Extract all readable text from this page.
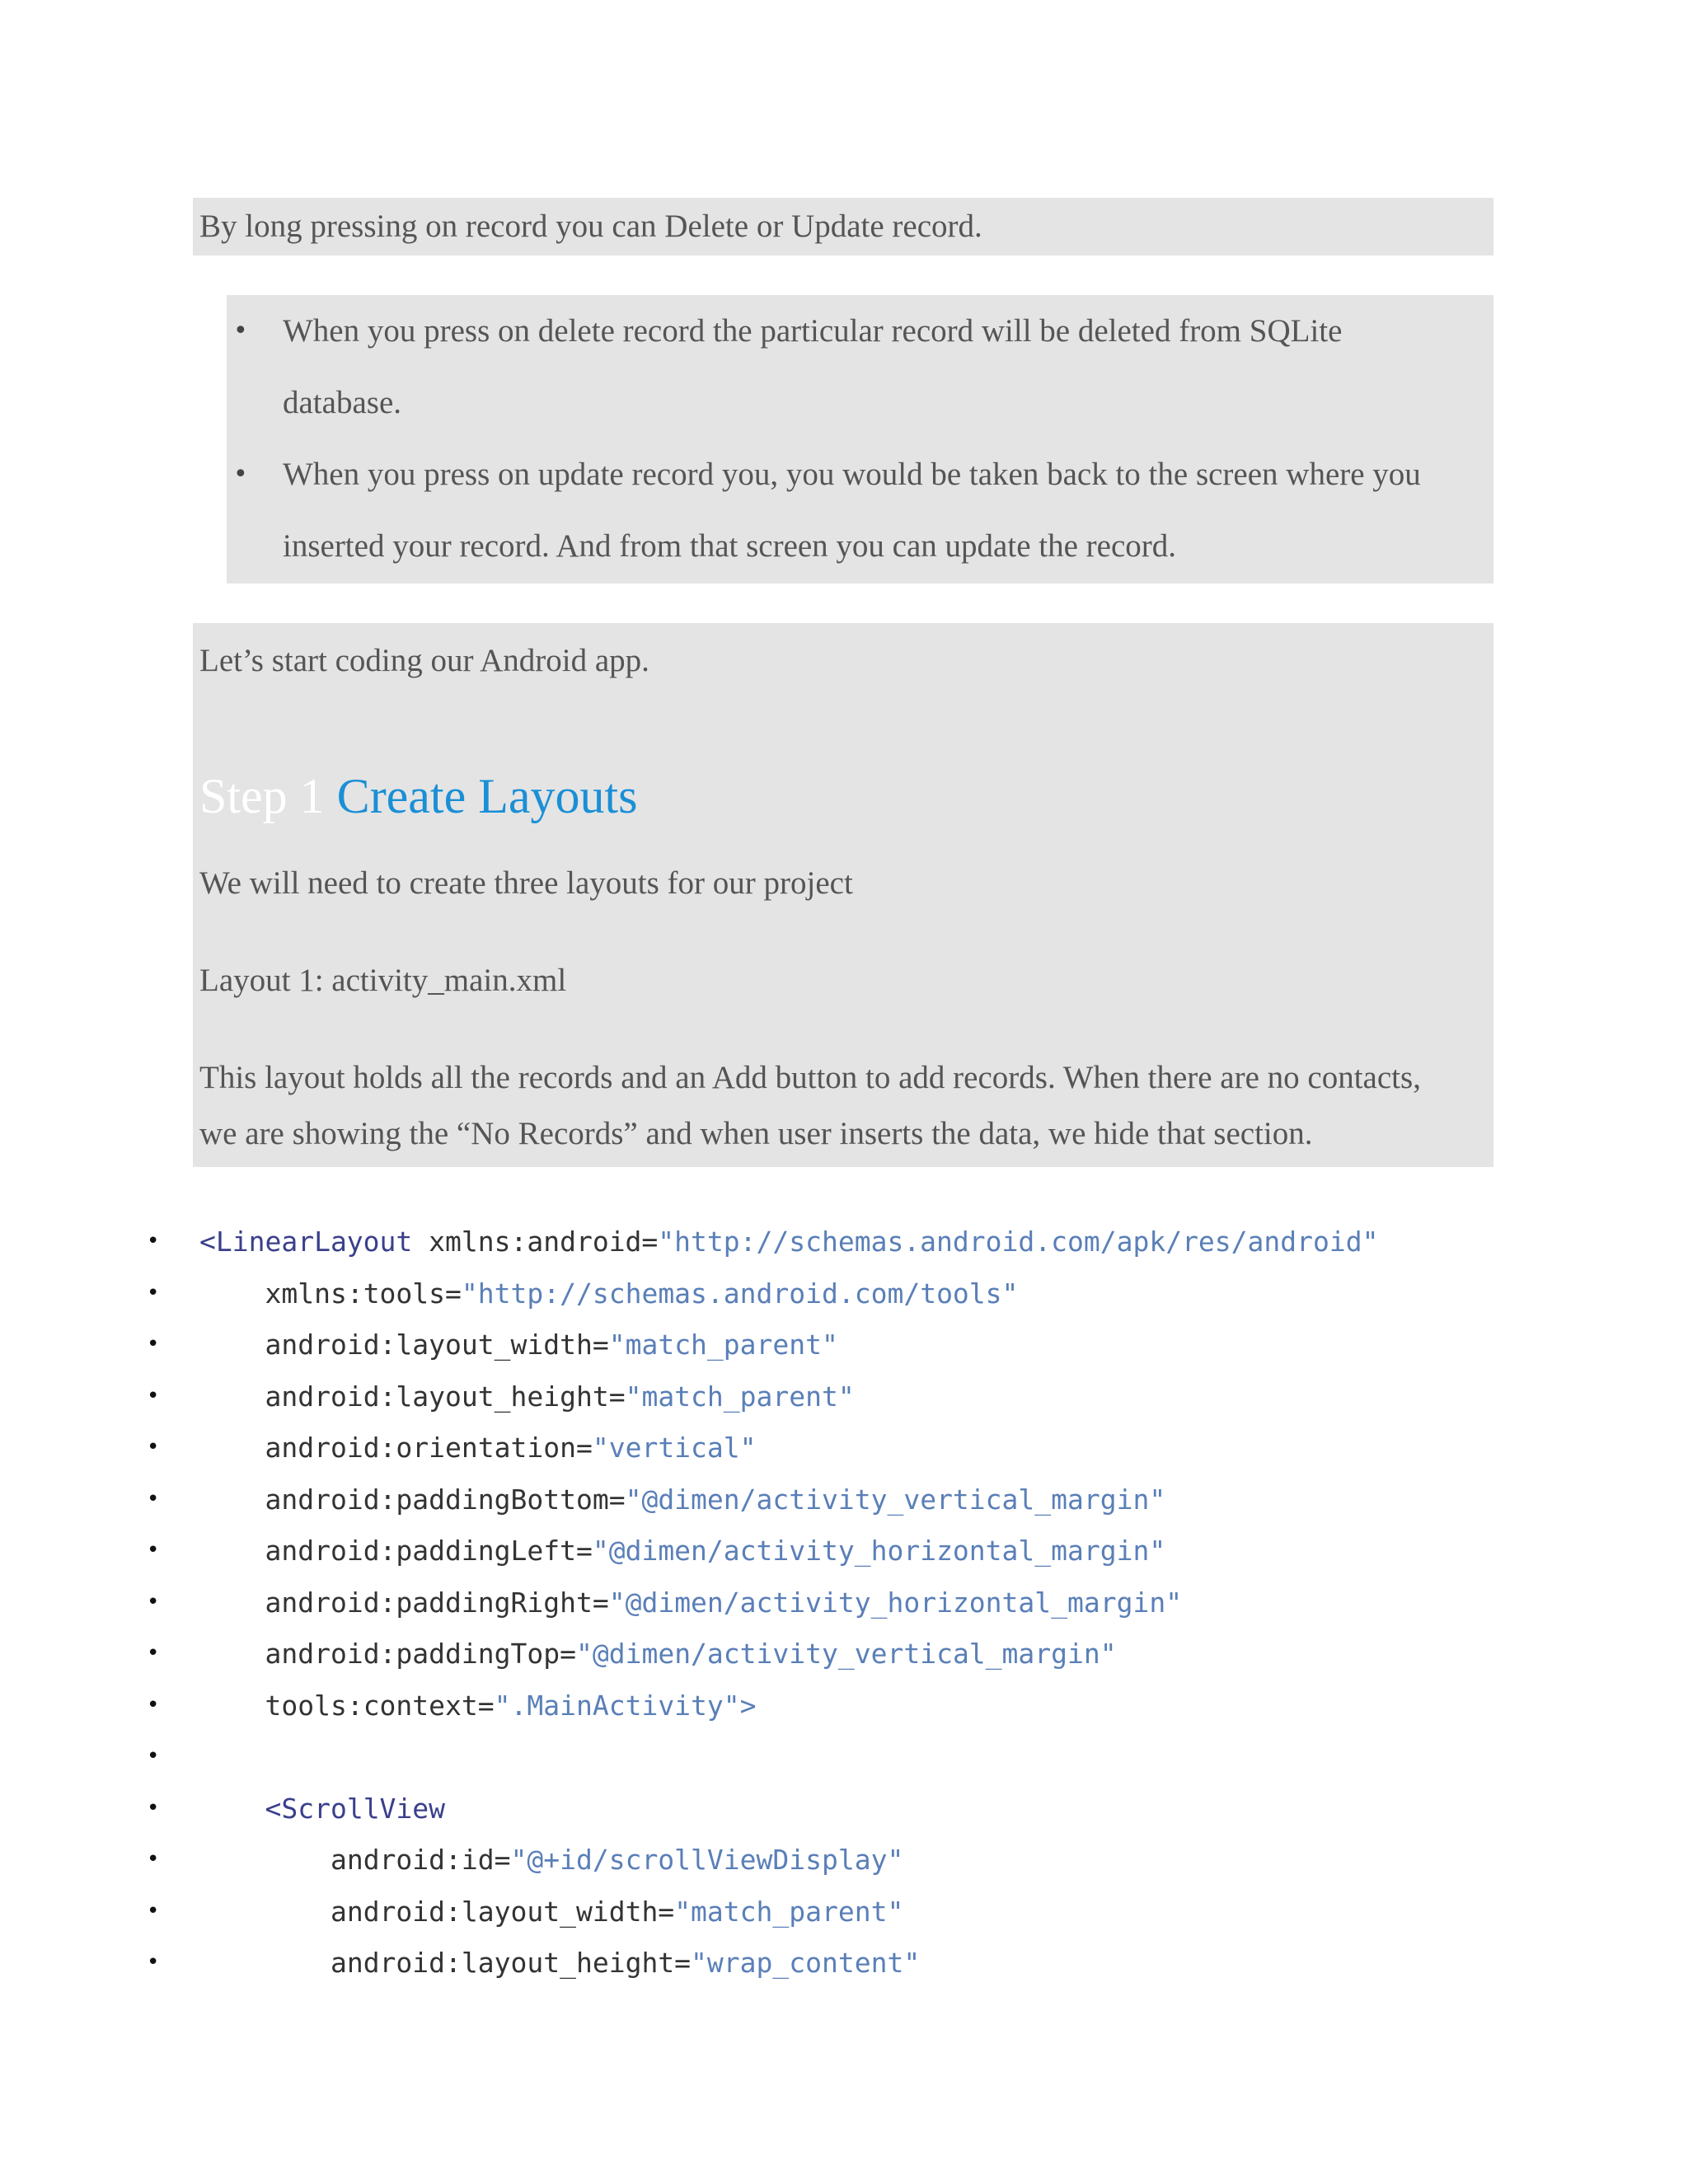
By long pressing on record you can Delete or Update record.
• When you press on delete record the particular record will be deleted from SQLite
database.
• When you press on update record you, you would be taken back to the screen where you
inserted your record. And from that screen you can update the record.
Let’s start coding our Android app.
Step 1 Create Layouts
We will need to create three layouts for our project
Layout 1: activity_main.xml
This layout holds all the records and an Add button to add records. When there are no contacts,
we are showing the “No Records” and when user inserts the data, we hide that section.
• <LinearLayout xmlns:android="http://schemas.android.com/apk/res/android"
•	xmlns:tools="http://schemas.android.com/tools"
•	android:layout_width="match_parent"
•	android:layout_height="match_parent"
•	android:orientation="vertical"
•	android:paddingBottom="@dimen/activity_vertical_margin"
•	android:paddingLeft="@dimen/activity_horizontal_margin"
•	android:paddingRight="@dimen/activity_horizontal_margin"
•	android:paddingTop="@dimen/activity_vertical_margin"
•	tools:context=".MainActivity">
•
•	<ScrollView
•	android:id="@+id/scrollViewDisplay"
•	android:layout_width="match_parent"
•	android:layout_height="wrap_content"
